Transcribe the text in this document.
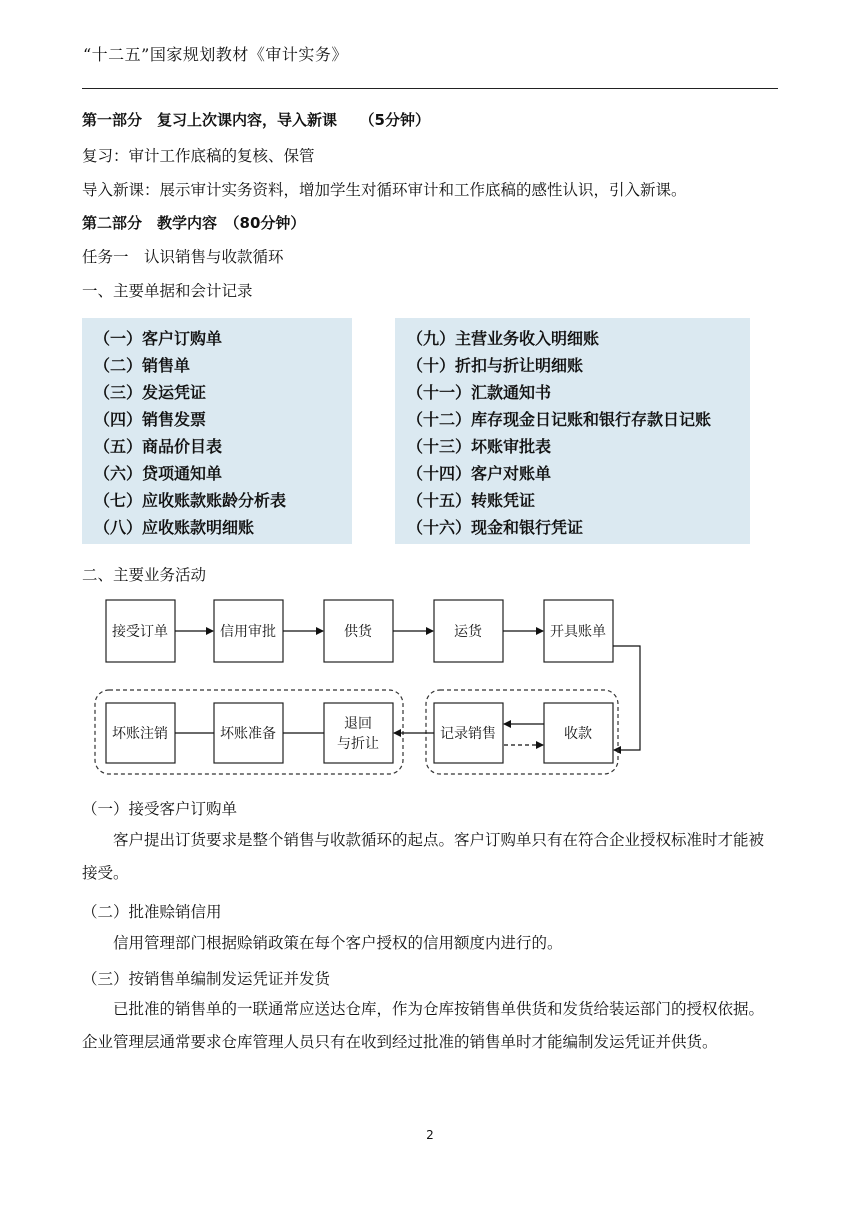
“十二五”国家规划教材《审计实务》
第一部分　复习上次课内容，导入新课　　（5分钟）
复习：审计工作底稿的复核、保管
导入新课：展示审计实务资料，增加学生对循环审计和工作底稿的感性认识，引入新课。
第二部分　教学内容　（80分钟）
任务一　认识销售与收款循环
一、主要单据和会计记录
（一）客户订购单
（二）销售单
（三）发运凭证
（四）销售发票
（五）商品价目表
（六）贷项通知单
（七）应收账款账龄分析表
（八）应收账款明细账
（九）主营业务收入明细账
（十）折扣与折让明细账
（十一）汇款通知书
（十二）库存现金日记账和银行存款日记账
（十三）坏账审批表
（十四）客户对账单
（十五）转账凭证
（十六）现金和银行凭证
二、主要业务活动
接受订单	信用审批	供货	运货	开具账单
坏账注销	坏账准备
退回
与折让
记录销售	收款
（一）接受客户订购单
客户提出订货要求是整个销售与收款循环的起点。客户订购单只有在符合企业授权标准时才能被接受。
（二）批准赊销信用
信用管理部门根据赊销政策在每个客户授权的信用额度内进行的。
（三）按销售单编制发运凭证并发货
已批准的销售单的一联通常应送达仓库，作为仓库按销售单供货和发货给装运部门的授权依据。企业管理层通常要求仓库管理人员只有在收到经过批准的销售单时才能编制发运凭证并供货。
2
